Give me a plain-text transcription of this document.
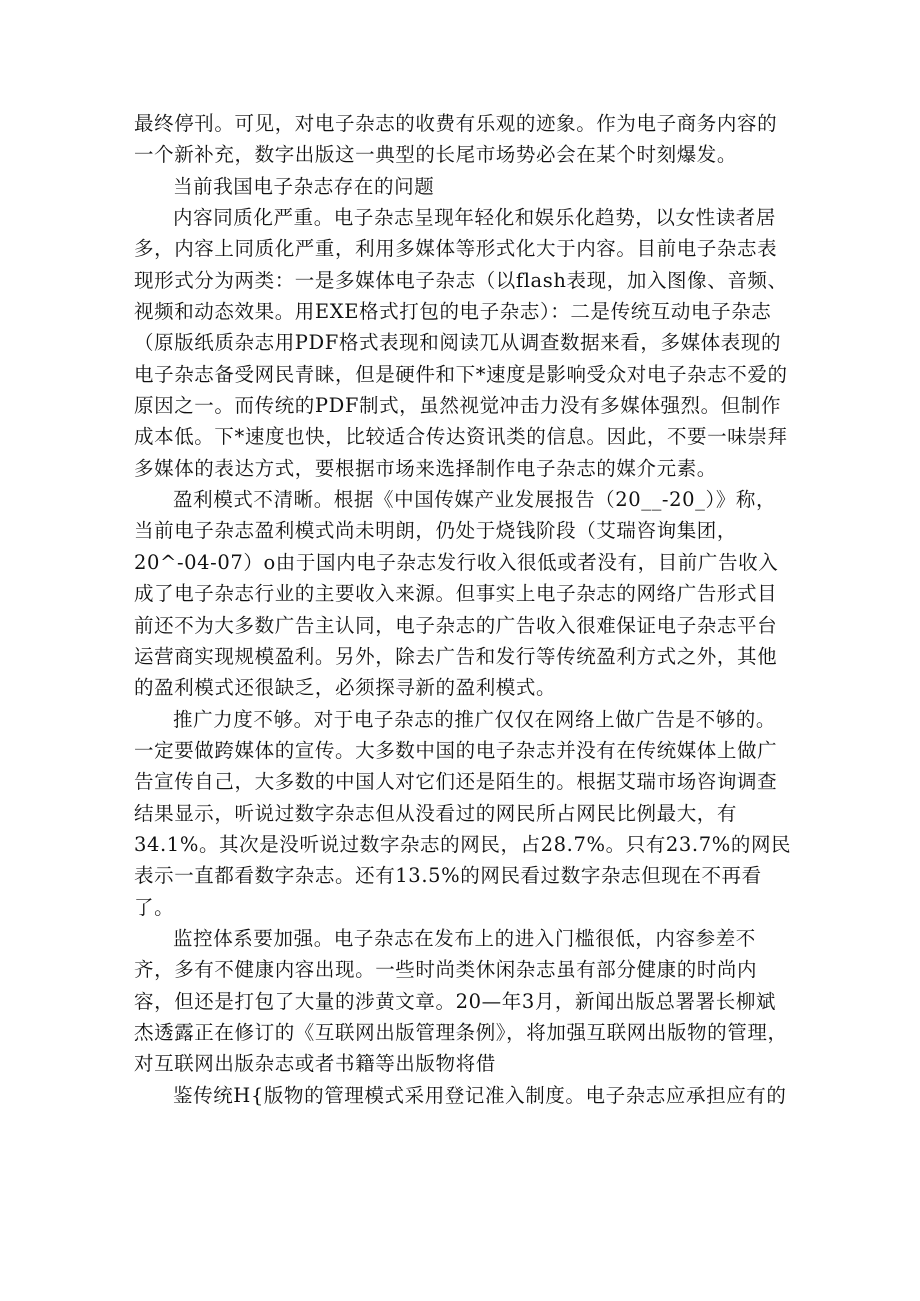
最终停刊。可见，对电子杂志的收费有乐观的迹象。作为电子商务内容的一个新补充，数字出版这一典型的长尾市场势必会在某个时刻爆发。

当前我国电子杂志存在的问题

内容同质化严重。电子杂志呈现年轻化和娱乐化趋势，以女性读者居多，内容上同质化严重，利用多媒体等形式化大于内容。目前电子杂志表现形式分为两类：一是多媒体电子杂志（以flash表现，加入图像、音频、视频和动态效果。用EXE格式打包的电子杂志）：二是传统互动电子杂志（原版纸质杂志用PDF格式表现和阅读兀从调查数据来看，多媒体表现的电子杂志备受网民青睐，但是硬件和下*速度是影响受众对电子杂志不爱的原因之一。而传统的PDF制式，虽然视觉冲击力没有多媒体强烈。但制作成本低。下*速度也快，比较适合传达资讯类的信息。因此，不要一味崇拜多媒体的表达方式，要根据市场来选择制作电子杂志的媒介元素。

盈利模式不清晰。根据《中国传媒产业发展报告（20__-20_）》称，当前电子杂志盈利模式尚未明朗，仍处于烧钱阶段（艾瑞咨询集团，20^-04-07）o由于国内电子杂志发行收入很低或者没有，目前广告收入成了电子杂志行业的主要收入来源。但事实上电子杂志的网络广告形式目前还不为大多数广告主认同，电子杂志的广告收入很难保证电子杂志平台运营商实现规模盈利。另外，除去广告和发行等传统盈利方式之外，其他的盈利模式还很缺乏，必须探寻新的盈利模式。

推广力度不够。对于电子杂志的推广仅仅在网络上做广告是不够的。一定要做跨媒体的宣传。大多数中国的电子杂志并没有在传统媒体上做广告宣传自己，大多数的中国人对它们还是陌生的。根据艾瑞市场咨询调查结果显示，听说过数字杂志但从没看过的网民所占网民比例最大，有34.1%。其次是没听说过数字杂志的网民，占28.7%。只有23.7%的网民表示一直都看数字杂志。还有13.5%的网民看过数字杂志但现在不再看了。

监控体系要加强。电子杂志在发布上的进入门槛很低，内容参差不齐，多有不健康内容出现。一些时尚类休闲杂志虽有部分健康的时尚内容，但还是打包了大量的涉黄文章。20—年3月，新闻出版总署署长柳斌杰透露正在修订的《互联网出版管理条例》，将加强互联网出版物的管理，对互联网出版杂志或者书籍等出版物将借

鉴传统H{版物的管理模式采用登记准入制度。电子杂志应承担应有的
